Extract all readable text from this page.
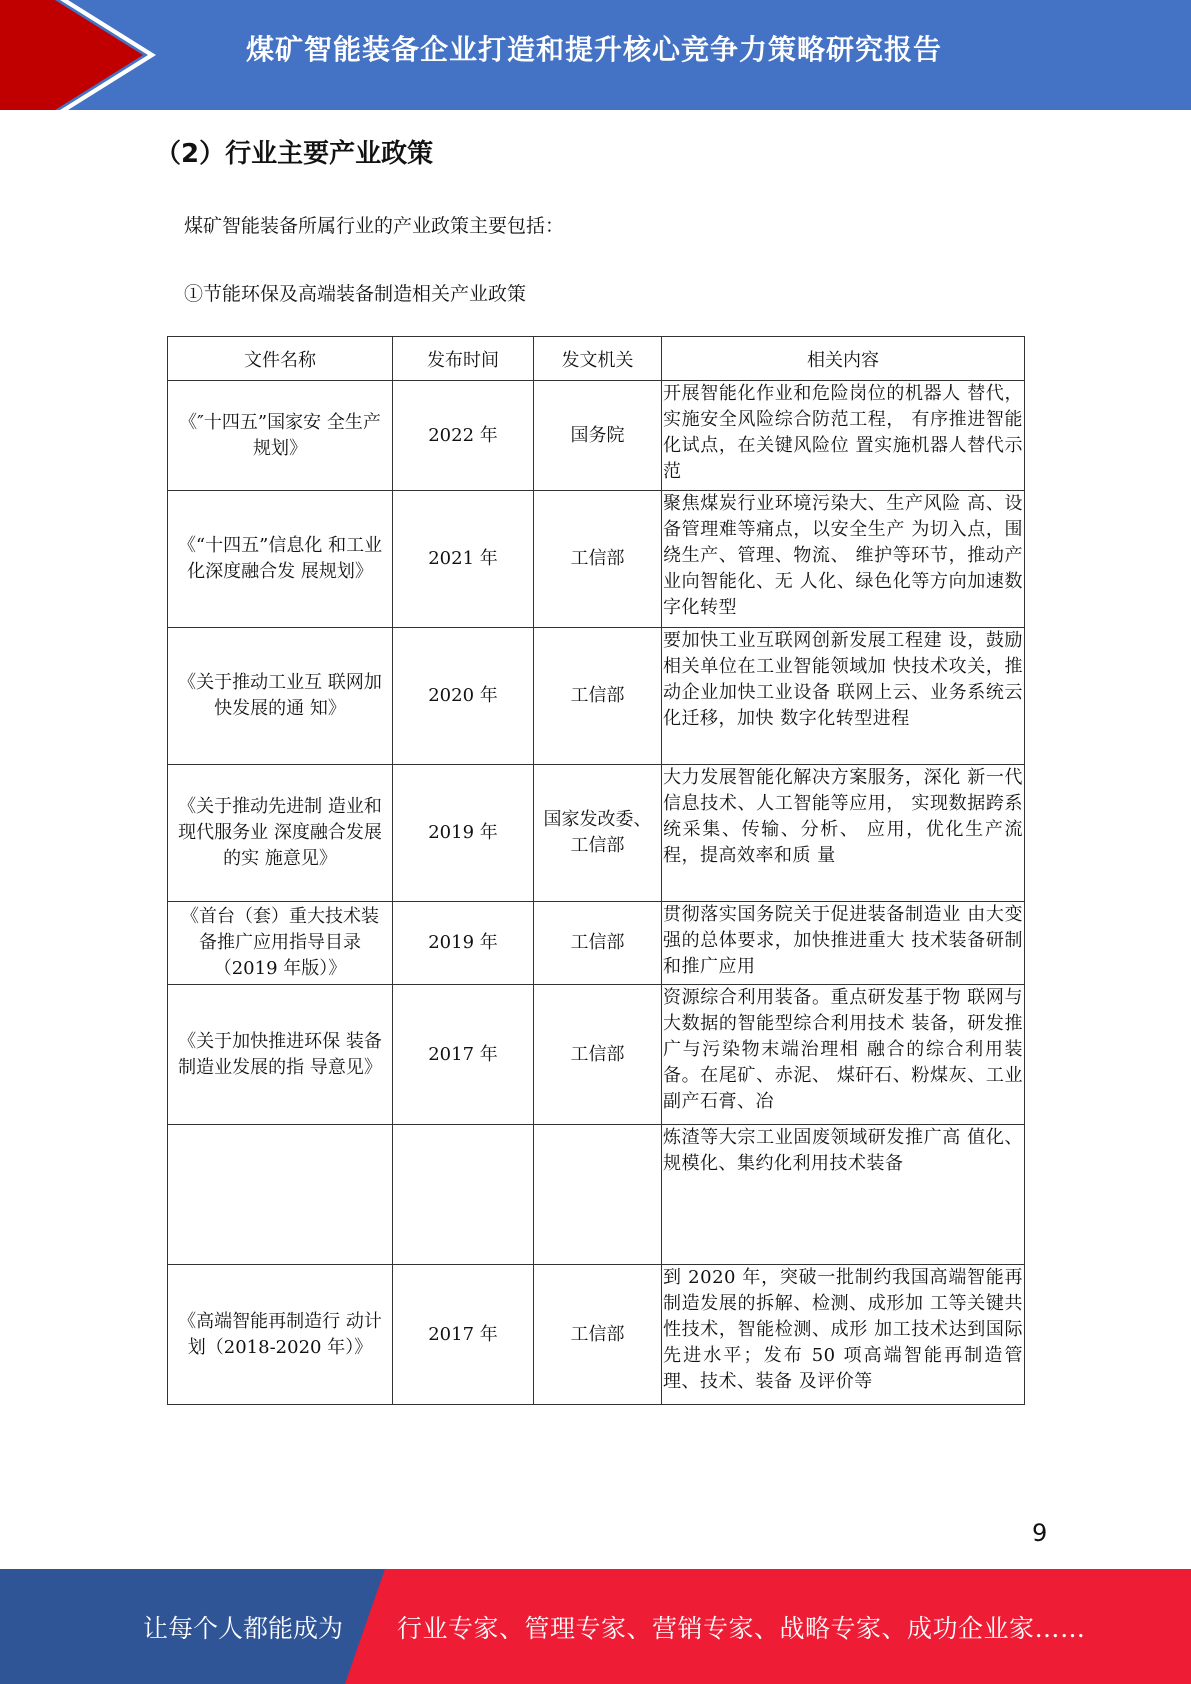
煤矿智能装备企业打造和提升核心竞争力策略研究报告
（2）行业主要产业政策
煤矿智能装备所属行业的产业政策主要包括：
①节能环保及高端装备制造相关产业政策
文件名称	发布时间	发文机关	相关内容
《″十四五”国家安 全生产规划》	2022 年	国务院	开展智能化作业和危险岗位的机器人 替代，实施安全风险综合防范工程， 有序推进智能化试点，在关键风险位 置实施机器人替代示范
《“十四五”信息化 和工业化深度融合发 展规划》	2021 年	工信部	聚焦煤炭行业环境污染大、生产风险 高、设备管理难等痛点，以安全生产 为切入点，围绕生产、管理、物流、 维护等环节，推动产业向智能化、无 人化、绿色化等方向加速数字化转型
《关于推动工业互 联网加快发展的通 知》	2020 年	工信部	要加快工业互联网创新发展工程建 设，鼓励相关单位在工业智能领域加 快技术攻关，推动企业加快工业设备 联网上云、业务系统云化迁移，加快 数字化转型进程
《关于推动先进制 造业和现代服务业 深度融合发展的实 施意见》	2019 年	国家发改委、工信部	大力发展智能化解决方案服务，深化 新一代信息技术、人工智能等应用， 实现数据跨系统采集、传输、分析、 应用，优化生产流程，提高效率和质 量
《首台（套）重大技术装备推广应用指导目录（2019 年版）》	2019 年	工信部	贯彻落实国务院关于促进装备制造业 由大变强的总体要求，加快推进重大 技术装备研制和推广应用
《关于加快推进环保 装备制造业发展的指 导意见》	2017 年	工信部	资源综合利用装备。重点研发基于物 联网与大数据的智能型综合利用技术 装备，研发推广与污染物末端治理相 融合的综合利用装备。在尾矿、赤泥、 煤矸石、粉煤灰、工业副产石膏、冶
			炼渣等大宗工业固废领域研发推广高 值化、规模化、集约化利用技术装备
《高端智能再制造行 动计划（2018-2020 年）》	2017 年	工信部	到 2020 年，突破一批制约我国高端智能再制造发展的拆解、检测、成形加 工等关键共性技术，智能检测、成形 加工技术达到国际先进水平；发布 50 项高端智能再制造管理、技术、装备 及评价等
9
让每个人都能成为 行业专家、管理专家、营销专家、战略专家、成功企业家……
